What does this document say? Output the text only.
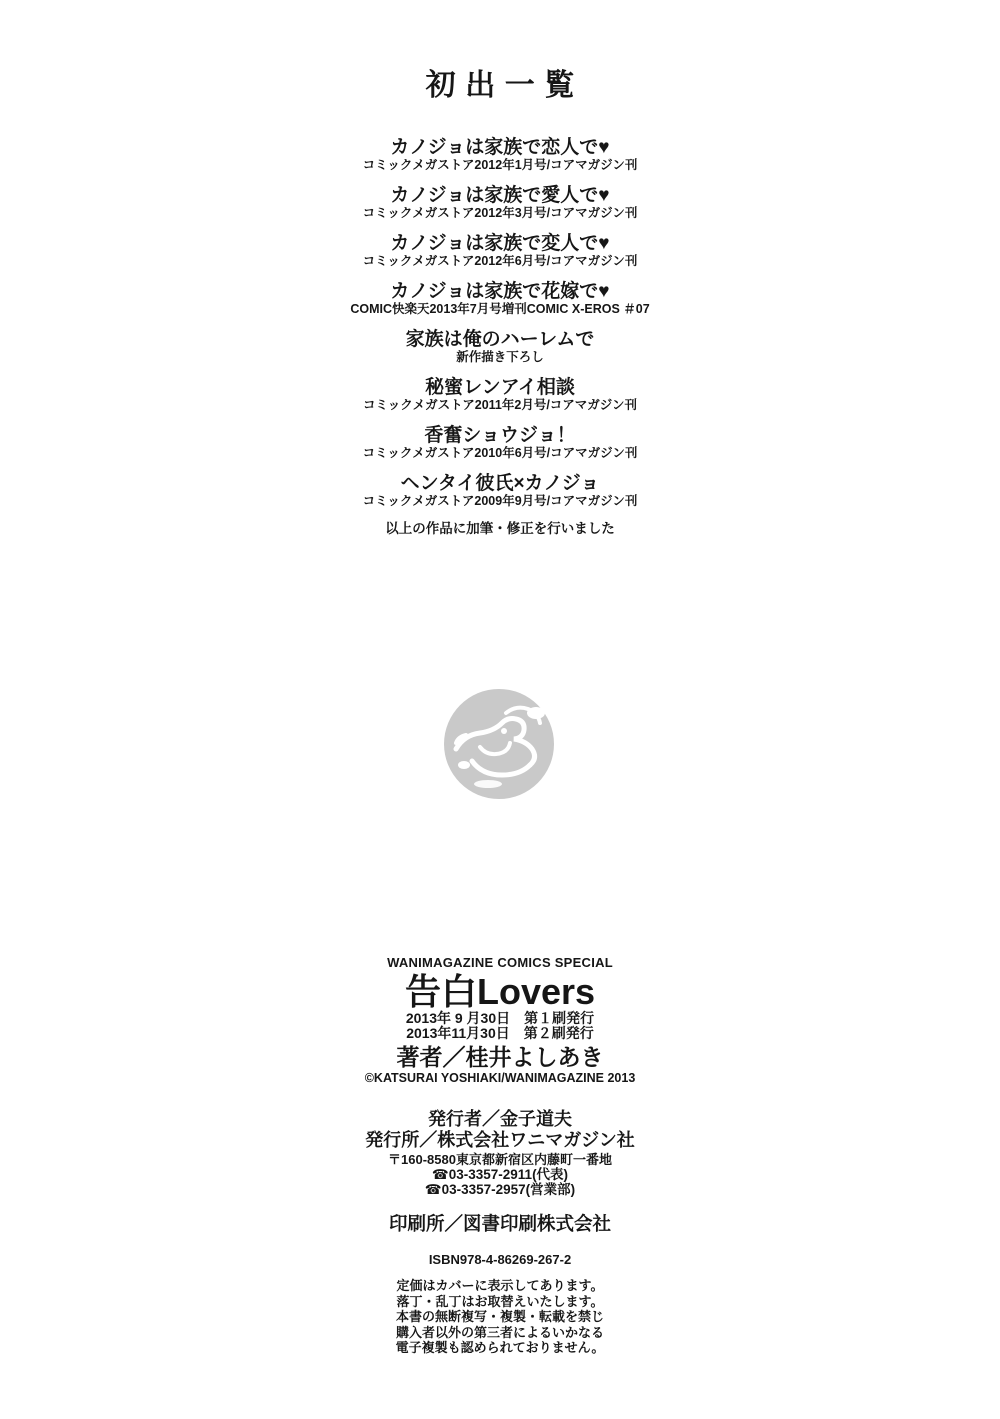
初出一覧
カノジョは家族で恋人で♥
コミックメガストア2012年1月号/コアマガジン刊
カノジョは家族で愛人で♥
コミックメガストア2012年3月号/コアマガジン刊
カノジョは家族で変人で♥
コミックメガストア2012年6月号/コアマガジン刊
カノジョは家族で花嫁で♥
COMIC快楽天2013年7月号増刊COMIC X-EROS ＃07
家族は俺のハーレムで
新作描き下ろし
秘蜜レンアイ相談
コミックメガストア2011年2月号/コアマガジン刊
香奮ショウジョ！
コミックメガストア2010年6月号/コアマガジン刊
ヘンタイ彼氏×カノジョ
コミックメガストア2009年9月号/コアマガジン刊
以上の作品に加筆・修正を行いました
WANIMAGAZINE COMICS SPECIAL
告白Lovers
2013年 9 月30日　第１刷発行
2013年11月30日　第２刷発行
著者／桂井よしあき
©KATSURAI YOSHIAKI/WANIMAGAZINE 2013
発行者／金子道夫
発行所／株式会社ワニマガジン社
〒160-8580東京都新宿区内藤町一番地
☎03-3357-2911(代表)
☎03-3357-2957(営業部)
印刷所／図書印刷株式会社
ISBN978-4-86269-267-2
定価はカバーに表示してあります。
落丁・乱丁はお取替えいたします。
本書の無断複写・複製・転載を禁じ
購入者以外の第三者によるいかなる
電子複製も認められておりません。
